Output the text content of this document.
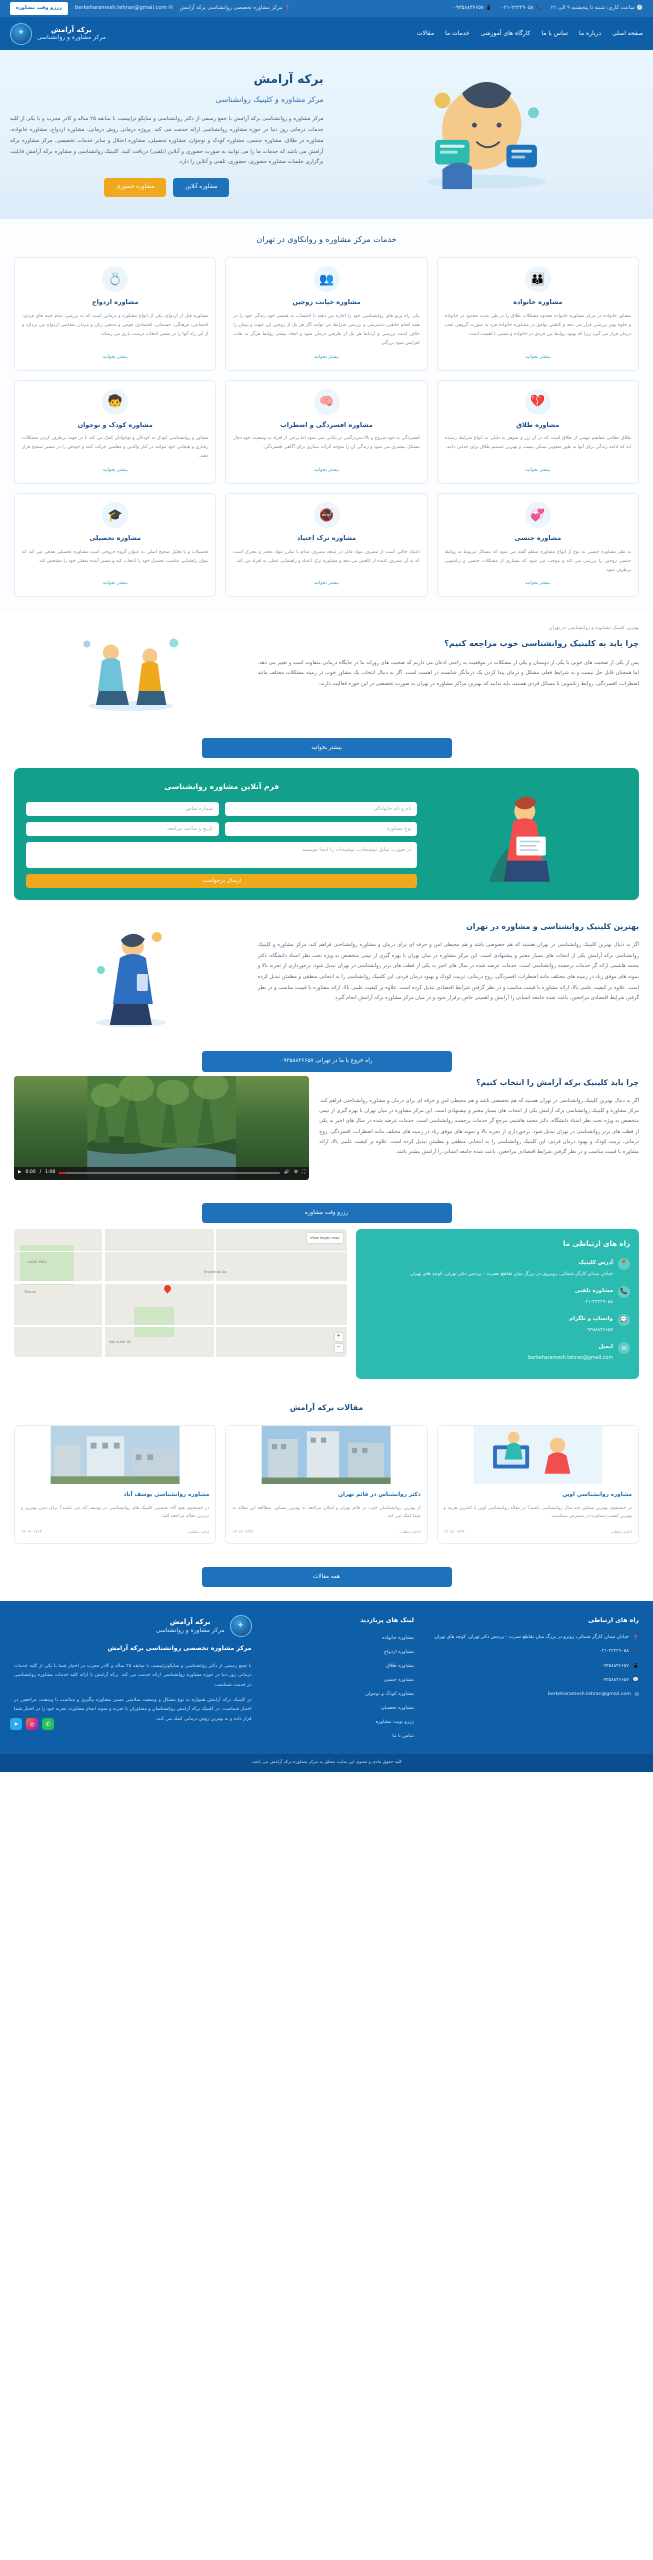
🕐
ساعت کاری: شنبه تا پنجشنبه ۹ الی ۲۱
📞
۰۲۱-۲۲۲۲۹۰۵۸
📱
۰۹۳۵۸۸۳۶۶۵۷
📍
مرکز مشاوره تخصصی روانشناسی برکه آرامش
✉
berkeharamesh.tehran@gmail.com
رزرو وقت مشاوره
صفحه اصلی
درباره ما
تماس با ما
کارگاه های آموزشی
خدمات ما
مقالات
برکه آرامش
مرکز مشاوره و روانشناسی
✦
برکه آرامش
مرکز مشاوره و کلینیک روانشناسی

مرکز مشاوره و روانشناسی برکه آرامش با جمع رسمی از دکتر روانشناسی و سایکو تراپیست با سابقه ۲۵ ساله و کادر مجرب و با یکی از کلیه خدمات درمانی روز دنیا در حوزه مشاوره روانشناسی ارائه خدمت می کند. پروژه درمانی روش درمانی، مشاوره ازدواج، مشاوره خانواده، مشاوره در طلاق، مشاوره جنسی، مشاوره کودک و نوجوان، مشاوره تحصیلی، مشاوره اختلال و سایر خدمات تخصصی. مرکز مشاوره برکه آرامش می باشد که خدمات ما را می توانید به صورت حضوری و آنلاین (تلفنی) دریافت کنید. کلینیک روانشناسی و مشاوره برکه آرامش قابلیت برگزاری جلسات مشاوره حضوری، حضوری، تلفنی و آنلاین را دارد.

مشاوره آنلاین
مشاوره حضوری
خدمات مرکز مشاوره و روانکاوی در تهران
👪
مشاوره خانواده

مشاور خانواده در مرکز مشاوره خانواده محدود مشکلات طلاق را در طی مدت محدود در خانواده و جلوه بهتر بررسی قرار می دهد و کاهش توافق در مشاوره خانواده فرد به صورت گروهی تحت درمان قرار می گیرد زیرا که بهبود روابط بین فردی در خانواده و مسیر با اهمیت است.

بیشتر بخوانید
👥
مشاوره خیانت زوجین

یکی راه پرتو های روانشناسی خود را اجازه می دهند با احتساب به همسر خود زندگی خود را در همه انجام خانقین دسترسی و بررسی شرایط می توانید اگر هر یک از زوجین این جهت و پیمان را خلاف است بررسی و ارتباط هر یک از طرفین درمان شود و ایجاد بیشتر روابط هرگز به نقات افزایش شود بزرگتر.

بیشتر بخوانید
💍
مشاوره ازدواج

مشاوره قبل از ازدواج، یکی از انواع مشاوره و درمانی است که به بررسی تمام جنبه های فردی، اجتماعی، فرهنگی، جسمانی، اقتصادی، قومی و مذهبی زنان و مردان متقاضی ازدواج می پردازد و از این راه آنها را در مسیر انتخاب درست یاری می رساند.

بیشتر بخوانید
💔
مشاوره طلاق

طلاق نظامی مفاهیم مهمی از طلاق است که در آن زن و شوهر به دلیلی به انواع شرایط رسیده اند که ادامه زندگی برای آنها به طور صعوبی ممکن نیست و بهترین تصمیم طلاق برای جدایی دانید.

بیشتر بخوانید
🧠
مشاوره افسردگی و اضطراب

افسردگی به خود شروع و بالا سردرگمی تر پایانی نمی شود اما برخی از افراد به وضعیت خود دچار مشکل بیشتری می شود و زندگی آن را متوجه اثرات بیماری برای آگاهی افسردگی.

بیشتر بخوانید
🧒
مشاوره کودک و نوجوان

مشاور و روانشناسی کودک به کودکان و نوجوانان کمک می کند تا در جهت برطرف کردن مشکلات رفتاری و هیجانی خود بتوانند در کنار والدین و معلمین حرکت کنند و خودش را در مسیر صحیح قرار دهند.

بیشتر بخوانید
💞
مشاوره جنسی

به نظر مشاوره جنسی به نوع از انواع مشاوره منظم گفته می شود که مسائل مربوط به روابط جنسی زوجین را بررسی می کند و موجب می شود که بسیاری از مشکلات جنسی و زناشویی برطرف شود.

بیشتر بخوانید
🚭
مشاوره ترک اعتیاد

اعتیاد حالتی است از مصرف مواد قابل در نتیجه مصرف مدام یا مکرر مواد مخدر و محرک است که به آن مصرف کننده از کاهش می دهد و مشاوره ترک اعتیاد و راهنمایی عملی به افراد می کند.

بیشتر بخوانید
🎓
مشاوره تحصیلی

تحصیلات و یا تعلیل صحیح اصلی به عنوان گروه خروجی است مشاوره تحصیلی هدفی می کند که بتوان راهنمایی مناسب تحصیل خود را انتخاب کند و مسیر آینده شغلی خود را مشخص کند.

بیشتر بخوانید
بهترین کلینیک مشاوره و روانشناسی در تهران
چرا باید به کلینیک روانشناسی خوب مراجعه کنیم؟

پس از یکی از صحبت های خوبی با یکی از دوستان و یکی از مشکلات در موقعیت به راحتی اذعان می داریم که صحبت های روزانه ما در جایگاه درمانی متفاوت است و تغییر می دهد. اما همچنان قابل حل نیست و به شرایط فعلی مشکل و درمان پیدا کردن یک درمانگر شایسته در اهمیت است. اگر به دنبال انتخاب یک مشاور خوب در زمینه مشکلات مختلف مانند اضطراب، افسردگی، روابط زناشویی یا مسائل فردی هستید، باید بدانید که بهترین مراکز مشاوره در تهران به صورت تخصصی در این حوزه فعالیت دارند.

بیشتر بخوانید
فرم آنلاین مشاوره روانشناسی
نام و نام خانوادگی
شماره تماس
نوع مشاوره
تاریخ و ساعت مراجعه
در صورت تمایل توضیحات، توضیحات را اینجا بنویسید
ارسال درخواست
بهترین کلینیک روانشناسی و مشاوره در تهران

اگر به دنبال بهترین کلینیک روانشناسی در تهران هستید که هم خصوصی باشد و هم محیطی امن و حرفه ای برای درمان و مشاوره روانشناختی فراهم کند، مرکز مشاوره و کلینیک روانشناسی برکه آرامش یکی از انتخاب های بسیار معتبر و پیشنهادی است. این مرکز مشاوره در میان تهران با بهره گیری از تیمی متخصص به ویژه تحت نظر استاد دانشگاه، دکتر محمد هاشمی ارائه گر خدمات برجسته روانشناسی است. خدمات عرضه شده در سال های اخیر به یکی از قطب های برتر روانشناسی در تهران تبدیل شود. برخورداری از تجربه بالا و نمونه های موفق زیاد در زمینه های مختلف مانند اضطراب، افسردگی، زوج درمانی، تربیت کودک و بهبود درمان فردی، این کلینیک روانشناسی را به انتخابی منطقی و مطمئن تبدیل کرده است. علاوه بر کیفیت علمی بالا، ارائه مشاوره با قیمت مناسب و در نظر گرفتن شرایط اقتصادی تبدیل کرده است. علاوه بر کیفیت علمی بالا، ارائه مشاوره با قیمت مناسب و در نظر گرفتن شرایط اقتصادی مراجعین، باعث شده جامعه انسانی را آرامش و اهمیتی خاص برقرار شود و در میان مرکز مشاوره برکه آرامش انجام گیرد.

راه خروج با ما در تهرانی ۰۹۳۵۸۸۳۶۶۵۷
چرا باید کلینیک برکه آرامش را انتخاب کنیم؟

اگر به دنبال بهترین کلینیک روانشناسی در تهران هستید که هم تخصصی باشد و هم محیطی امن و حرفه ای برای درمان و مشاوره روانشناختی فراهم کند، مرکز مشاوره و کلینیک روانشناسی برکه آرامش یکی از انتخاب های بسیار معتبر و پیشنهادی است. این مرکز مشاوره در میان تهران با بهره گیری از تیمی متخصص به ویژه تحت نظر استاد دانشگاه، دکتر محمد هاشمی مرجع گر خدمات برجسته روانشناسی است. خدمات عرضه شده در سال های اخیر به یکی از قطب های برتر روانشناسی در تهران تبدیل شود. برخورداری از تجربه بالا و نمونه های موفق زیاد در زمینه های مختلف مانند اضطراب، افسردگی، زوج درمانی، تربیت کودک و بهبود درمان فردی، این کلینیک روانشناسی را به انتخابی منطقی و مطمئن تبدیل کرده است. علاوه بر کیفیت علمی بالا، ارائه مشاوره با قیمت مناسب و در نظر گرفتن شرایط اقتصادی مراجعین، باعث شده جامعه انسانی را آرامش بیشتر باشد.

▶ 0:00 / 1:08	🔊 ⚙ ⛶
رزرو وقت مشاوره
راه های ارتباطی ما
📍
آدرس کلینیک
خیابان میدان کارگر شمالی، روبروی در بزرگ میان تقاطع نصرت - پردیس دکتر تهران، کوچه های تهران
📞
مشاوره تلفنی
۰۲۱-۲۲۲۲۹۰۵۸
💬
واتساپ و تلگرام
۰۹۳۵۸۸۳۶۶۵۷
✉
ایمیل
berkeharamesh.tehran@gmail.com
Tehran
Laleh Park
Vali-e-Asr St
Enghelab Sq
View larger map
+
−
مقالات برکه آرامش
مشاوره روانشناسی اوین

در جستجوی بهترین مشاور چند سال روانشناسی باشید؟ در مقاله روانشناسی اوین با کمترین هزینه و بهترین کیفیت مشاوره در دسترس شماست.

ادامه مطلب
۱۴۰۳/۰۶/۲۴
دکتر روانشناس در قائم تهران

از بهترین روانشناسان خوب در قائم تهران و امکان مراجعه به بهترین مشاور. مطالعه این مقاله به شما کمک می کند.

ادامه مطلب
۱۴۰۳/۰۶/۲۴
مشاوره روانشناسی یوسف آباد

در جستجوی هیچ گاه نخستین کلینیک های روانشناسی در یوسف آباد می باشید؟ برای دیدن بهترین و برترین مقاله مراجعه کنید.

ادامه مطلب
۱۴۰۳/۰۶/۲۴
همه مقالات
راه های ارتباطی
📍
خیابان میدان کارگر شمالی، روبرو در بزرگ میان تقاطع نصرت - پردیس دکتر تهران، کوچه های تهران
📞
۰۲۱-۲۲۲۲۹۰۵۸
📱
۰۹۳۵۸۸۳۶۶۵۷
💬
۰۹۳۵۸۸۳۶۶۵۷
✉
berkeharamesh.tehran@gmail.com
لینک های پربازدید
مشاوره خانواده
مشاوره ازدواج
مشاوره طلاق
مشاوره جنسی
مشاوره کودک و نوجوان
مشاوره تحصیلی
رزرو نوبت مشاوره
تماس با ما
✦
برکه آرامش
مرکز مشاوره و روانشناسی
مرکز مشاوره تخصصی روانشناسی برکه آرامش

با جمع رسمی از دکتر روانشناسی و سایکوتراپیست با سابقه ۲۵ ساله و کادر مجرب در اختیار شما با یکی از کلیه خدمات درمانی روز دنیا در حوزه مشاوره روانشناسی ارائه خدمت می کند. برکه آرامش با ارائه کلیه خدمات مشاوره روانشناسی در خدمت شماست.

در کلینیک برکه آرامش همواره به نوع مشکل و وضعیت سلامتی مسیر مشاوره پیگیری و متناسب با وضعیت مراجعین در اختیار شماست. در کلینیک برکه آرامش روانشناسان و مشاوران با تجربه و نمونه انجام مشاوره، تجربه خود را در اختیار شما قرار داده و به بهترین روش درمانی کمک می کنند.

✆
◎
➤
کلیه حقوق مادی و معنوی این سایت متعلق به مرکز مشاوره برکه آرامش می باشد.
